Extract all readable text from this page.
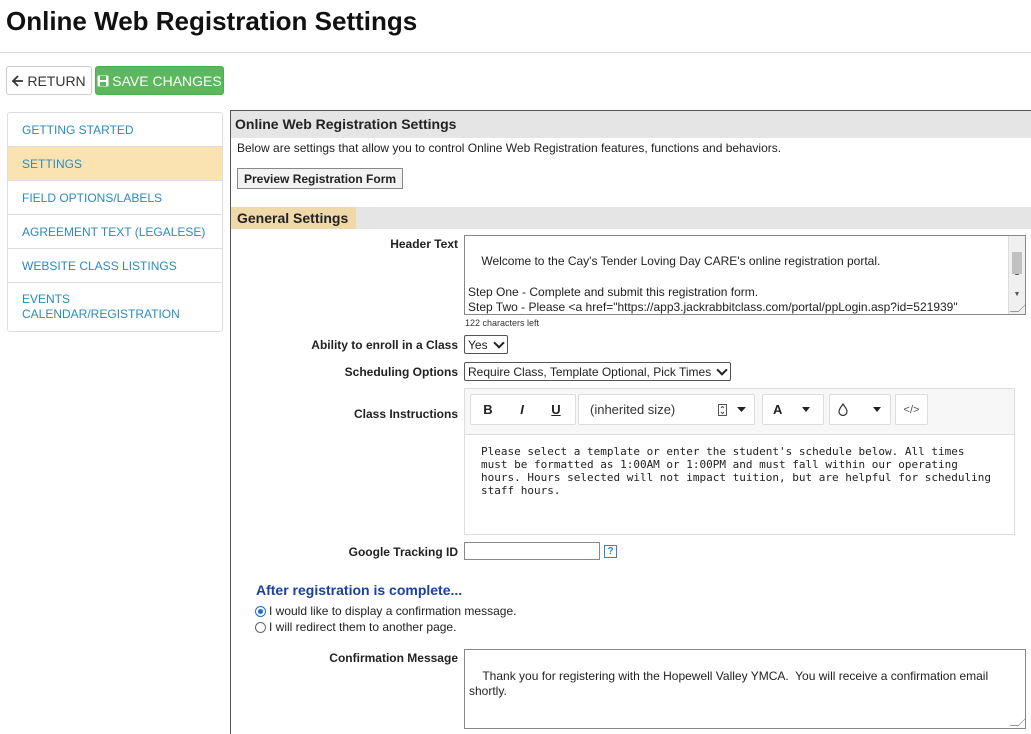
Online Web Registration Settings
RETURN SAVE CHANGES
GETTING STARTED
SETTINGS
FIELD OPTIONS/LABELS
AGREEMENT TEXT (LEGALESE)
WEBSITE CLASS LISTINGS
EVENTS CALENDAR/REGISTRATION
Online Web Registration Settings
Below are settings that allow you to control Online Web Registration features, functions and behaviors.
Preview Registration Form
General Settings
Header Text

Welcome to the Cay's Tender Loving Day CARE's online registration portal.

Step One - Complete and submit this registration form.
Step Two - Please <a href="https://app3.jackrabbitclass.com/portal/ppLogin.asp?id=521939"

▼

122 characters left
Ability to enroll in a Class Yes
Scheduling Options Require Class, Template Optional, Pick Times
Class Instructions	B	I	U	(inherited size)	A	</>
Please select a template or enter the student's schedule below. All times must be formatted as 1:00AM or 1:00PM and must fall within our operating hours. Hours selected will not impact tuition, but are helpful for scheduling staff hours.
Google Tracking ID	?
After registration is complete...
I would like to display a confirmation message.
I will redirect them to another page.
Confirmation Message

Thank you for registering with the Hopewell Valley YMCA.  You will receive a confirmation email shortly.
